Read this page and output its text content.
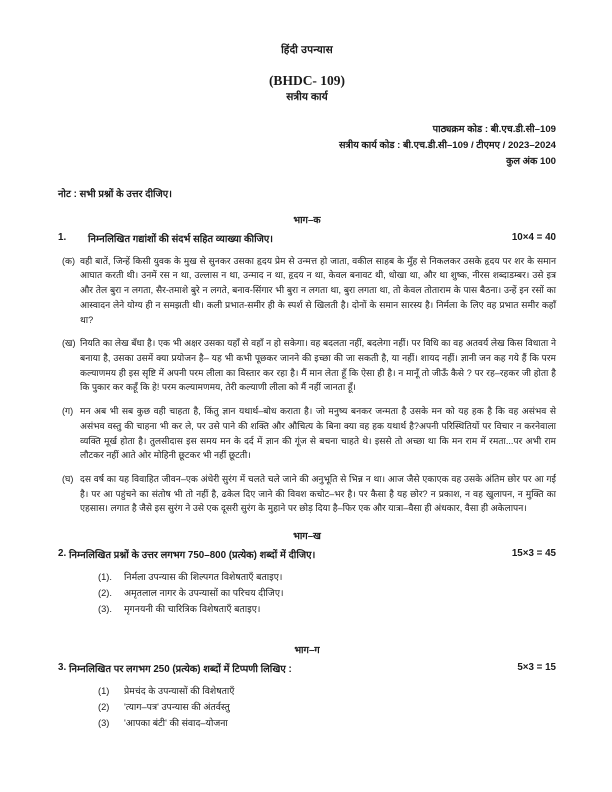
हिंदी उपन्यास
(BHDC- 109)
सत्रीय कार्य
पाठ्यक्रम कोड : बी.एच.डी.सी–109
सत्रीय कार्य कोड : बी.एच.डी.सी–109 / टीएमए / 2023–2024
कुल अंक 100
नोट : सभी प्रश्नों के उत्तर दीजिए।
भाग–क
1.	निम्नलिखित गद्यांशों की संदर्भ सहित व्याख्या कीजिए।	10×4 = 40
(क) वही बातें, जिन्हें किसी युवक के मुख से सुनकर उसका हृदय प्रेम से उन्मत्त हो जाता, वकील साहब के मुँह से निकलकर उसके हृदय पर शर के समान आघात करती थी। उनमें रस न था, उल्लास न था, उन्माद न था, हृदय न था, केवल बनावट थी, धोखा था, और था शुष्क, नीरस शब्दाडम्बर। उसे इत्र और तेल बुरा न लगता, सैर-तमाशे बुरे न लगते, बनाव-सिंगार भी बुरा न लगता था, बुरा लगता था, तो केवल तोताराम के पास बैठना। उन्हें इन रसों का आस्वादन लेने योग्य ही न समझती थी। कली प्रभात-समीर ही के स्पर्श से खिलती है। दोनों के समान सारस्य है। निर्मला के लिए वह प्रभात समीर कहाँ था?
(ख) नियति का लेख बँधा है। एक भी अक्षर उसका यहाँ से वहाँ न हो सकेगा। वह बदलता नहीं, बदलेगा नहीं। पर विधि का वह अतवर्य लेख किस विधाता ने बनाया है, उसका उसमें क्या प्रयोजन है– यह भी कभी पूछकर जानने की इच्छा की जा सकती है, या नहीं। शायद नहीं। ज्ञानी जन कह गये हैं कि परम कल्याणमय ही इस सृष्टि में अपनी परम लीला का विस्तार कर रहा है। मैं मान लेता हूँ कि ऐसा ही है। न मानूँ तो जीऊँ कैसे ? पर रह–रहकर जी होता है कि पुकार कर कहूँ कि हे! परम कल्यामणमय, तेरी कल्याणी लीला को मैं नहीं जानता हूँ।
(ग) मन अब भी सब कुछ वही चाहता है, किंतु ज्ञान यथार्थ–बोध कराता है। जो मनुष्य बनकर जन्मता है उसके मन को यह हक है कि वह असंभव से असंभव वस्तु की चाहना भी कर ले, पर उसे पाने की शक्ति और औचित्य के बिना क्या वह हक यथार्थ है?अपनी परिस्थितियों पर विचार न करनेवाला व्यक्ति मूर्ख होता है। तुलसीदास इस समय मन के दर्द में ज्ञान की गूंज से बचना चाहते थे। इससे तो अच्छा था कि मन राम में रमता...पर अभी राम लौटकर नहीं आते ओर मोहिनी छूटकर भी नहीं छूटती।
(घ) दस वर्ष का यह विवाहित जीवन–एक अंधेरी सुरंग में चलते चले जाने की अनुभूति से भिन्न न था। आज जैसे एकाएक वह उसके अंतिम छोर पर आ गई है। पर आ पहुंचने का संतोष भी तो नहीं है, ढकेल दिए जाने की विवश कचोट–भर है। पर कैसा है यह छोर? न प्रकाश, न वह खुलापन, न मुक्ति का एहसास। लगात है जैसे इस सुरंग ने उसे एक दूसरी सुरंग के मुहाने पर छोड़ दिया है–फिर एक और यात्रा–वैसा ही अंधकार, वैसा ही अकेलापन।
भाग–ख
2. निम्नलिखित प्रश्नों के उत्तर लगभग 750–800 (प्रत्येक) शब्दों में दीजिए।	15×3 = 45
(1).	निर्मला उपन्यास की शिल्पगत विशेषताएँ बताइए।
(2).	अमृतलाल नागर के उपन्यासों का परिचय दीजिए।
(3).	मृगनयनी की चारित्रिक विशेषताएँ बताइए।
भाग–ग
3. निम्नलिखित पर लगभग 250 (प्रत्येक) शब्दों में टिप्पणी लिखिए :	5×3 = 15
(1)	प्रेमचंद के उपन्यासों की विशेषताएँ
(2)	'त्याग–पत्र' उपन्यास की अंतर्वस्तु
(3)	'आपका बंटी' की संवाद–योजना
